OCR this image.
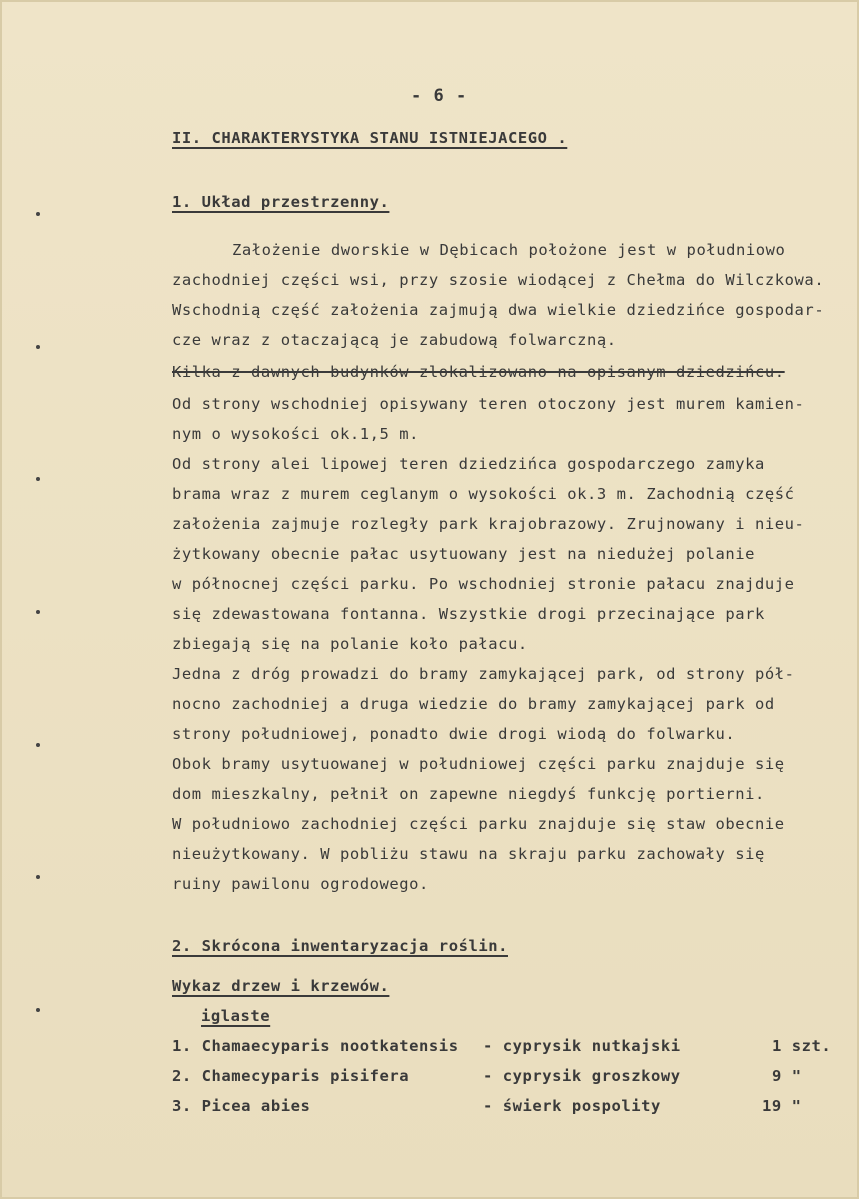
- 6 -
II. CHARAKTERYSTYKA STANU ISTNIEJACEGO .
1. Układ przestrzenny.
Założenie dworskie w Dębicach położone jest w południowo
zachodniej części wsi, przy szosie wiodącej z Chełma do Wilczkowa.
Wschodnią część założenia zajmują dwa wielkie dziedzińce gospodar-
cze wraz z otaczającą je zabudową folwarczną.
Kilka z dawnych budynków zlokalizowano na opisanym dziedzińcu.
Od strony wschodniej opisywany teren otoczony jest murem kamien-
nym o wysokości ok.1,5 m.
Od strony alei lipowej teren dziedzińca gospodarczego zamyka
brama wraz z murem ceglanym o wysokości ok.3 m. Zachodnią część
założenia zajmuje rozległy park krajobrazowy. Zrujnowany i nieu-
żytkowany obecnie pałac usytuowany jest na niedużej polanie
w północnej części parku. Po wschodniej stronie pałacu znajduje
się zdewastowana fontanna. Wszystkie drogi przecinające park
zbiegają się na polanie koło pałacu.
Jedna z dróg prowadzi do bramy zamykającej park, od strony pół-
nocno zachodniej a druga wiedzie do bramy zamykającej park od
strony południowej, ponadto dwie drogi wiodą do folwarku.
Obok bramy usytuowanej w południowej części parku znajduje się
dom mieszkalny, pełnił on zapewne niegdyś funkcję portierni.
W południowo zachodniej części parku znajduje się staw obecnie
nieużytkowany. W pobliżu stawu na skraju parku zachowały się
ruiny pawilonu ogrodowego.
2. Skrócona inwentaryzacja roślin.
Wykaz drzew i krzewów.
iglaste
1. Chamaecyparis nootkatensis - cyprysik nutkajski	1 szt.
2. Chamecyparis pisifera	- cyprysik groszkowy	9 "
3. Picea abies	- świerk pospolity	19 "
